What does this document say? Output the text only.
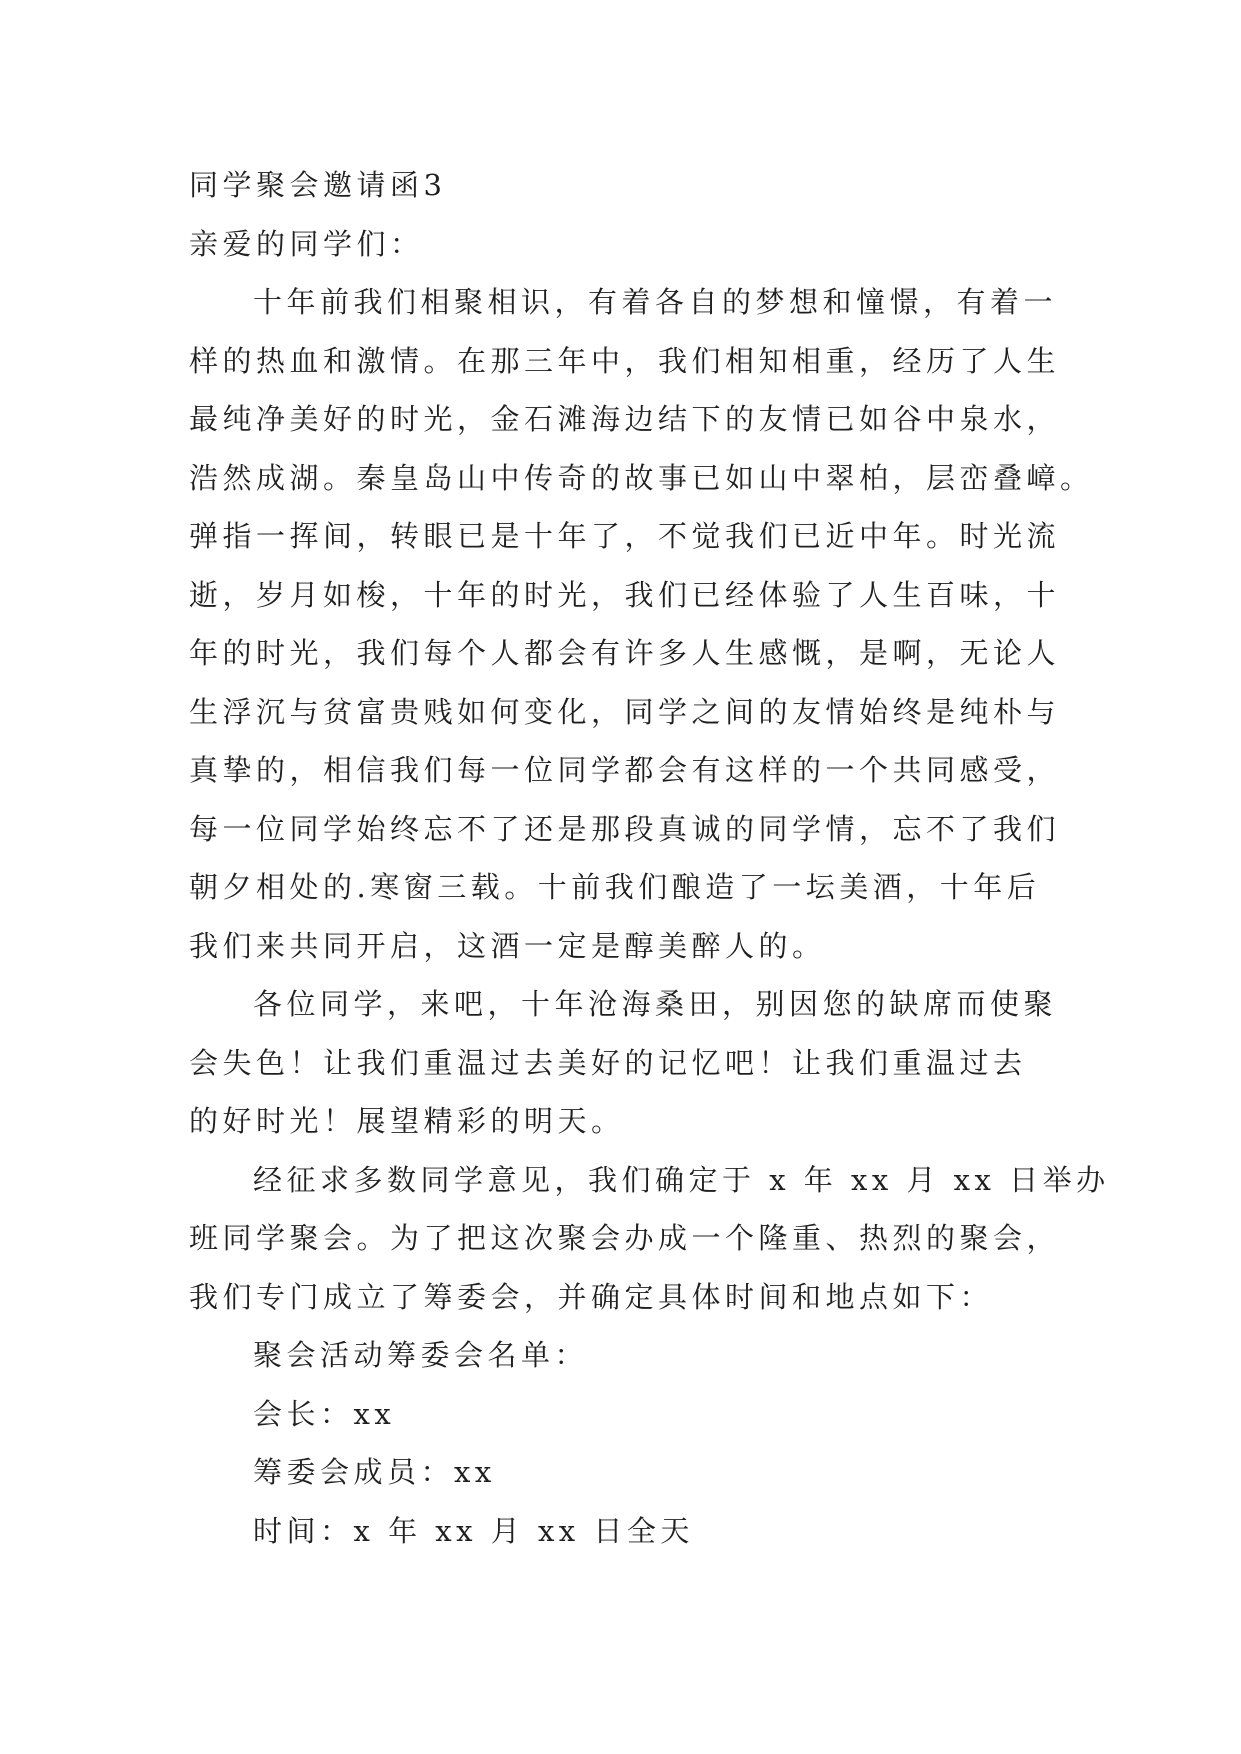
同学聚会邀请函3

亲爱的同学们：

十年前我们相聚相识，有着各自的梦想和憧憬，有着一

样的热血和激情。在那三年中，我们相知相重，经历了人生

最纯净美好的时光，金石滩海边结下的友情已如谷中泉水，

浩然成湖。秦皇岛山中传奇的故事已如山中翠柏，层峦叠嶂。

弹指一挥间，转眼已是十年了，不觉我们已近中年。时光流

逝，岁月如梭，十年的时光，我们已经体验了人生百味，十

年的时光，我们每个人都会有许多人生感慨，是啊，无论人

生浮沉与贫富贵贱如何变化，同学之间的友情始终是纯朴与

真挚的，相信我们每一位同学都会有这样的一个共同感受，

每一位同学始终忘不了还是那段真诚的同学情，忘不了我们

朝夕相处的.寒窗三载。十前我们酿造了一坛美酒，十年后

我们来共同开启，这酒一定是醇美醉人的。

各位同学，来吧，十年沧海桑田，别因您的缺席而使聚

会失色！让我们重温过去美好的记忆吧！让我们重温过去

的好时光！展望精彩的明天。

经征求多数同学意见，我们确定于 x 年 xx 月 xx 日举办

班同学聚会。为了把这次聚会办成一个隆重、热烈的聚会，

我们专门成立了筹委会，并确定具体时间和地点如下：

聚会活动筹委会名单：

会长：xx

筹委会成员：xx

时间：x 年 xx 月 xx 日全天
